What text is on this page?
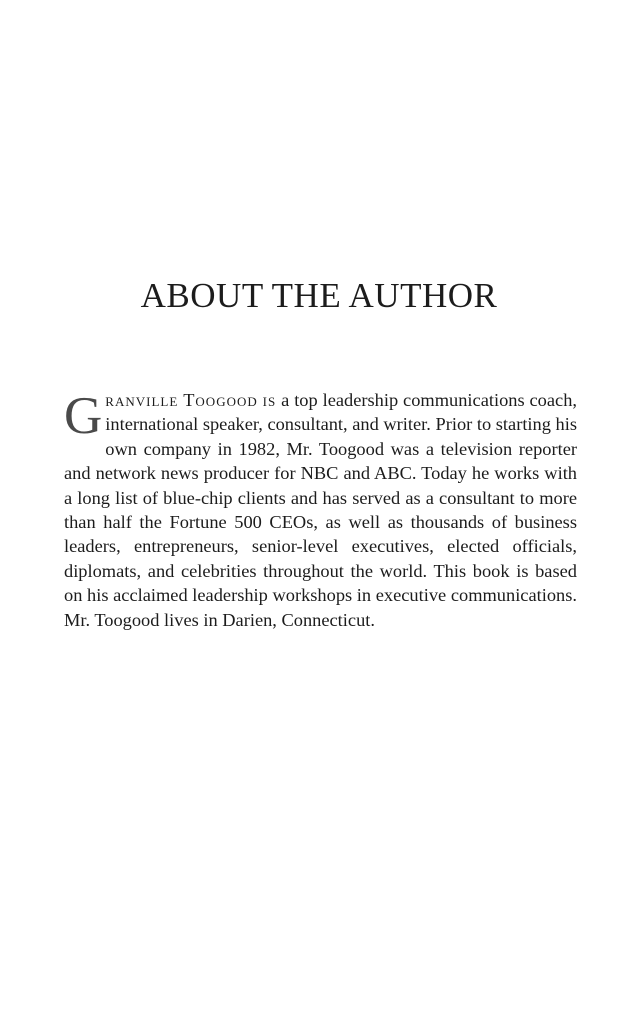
ABOUT THE AUTHOR

G ranville Toogood is a top leadership communications coach, international speaker, consultant, and writer. Prior to starting his own company in 1982, Mr. Toogood was a television reporter and network news producer for NBC and ABC. Today he works with a long list of blue-chip clients and has served as a consultant to more than half the Fortune 500 CEOs, as well as thousands of business leaders, entrepreneurs, senior-level executives, elected officials, diplomats, and celebrities throughout the world. This book is based on his acclaimed leadership workshops in executive communications. Mr. Toogood lives in Darien, Connecticut.
